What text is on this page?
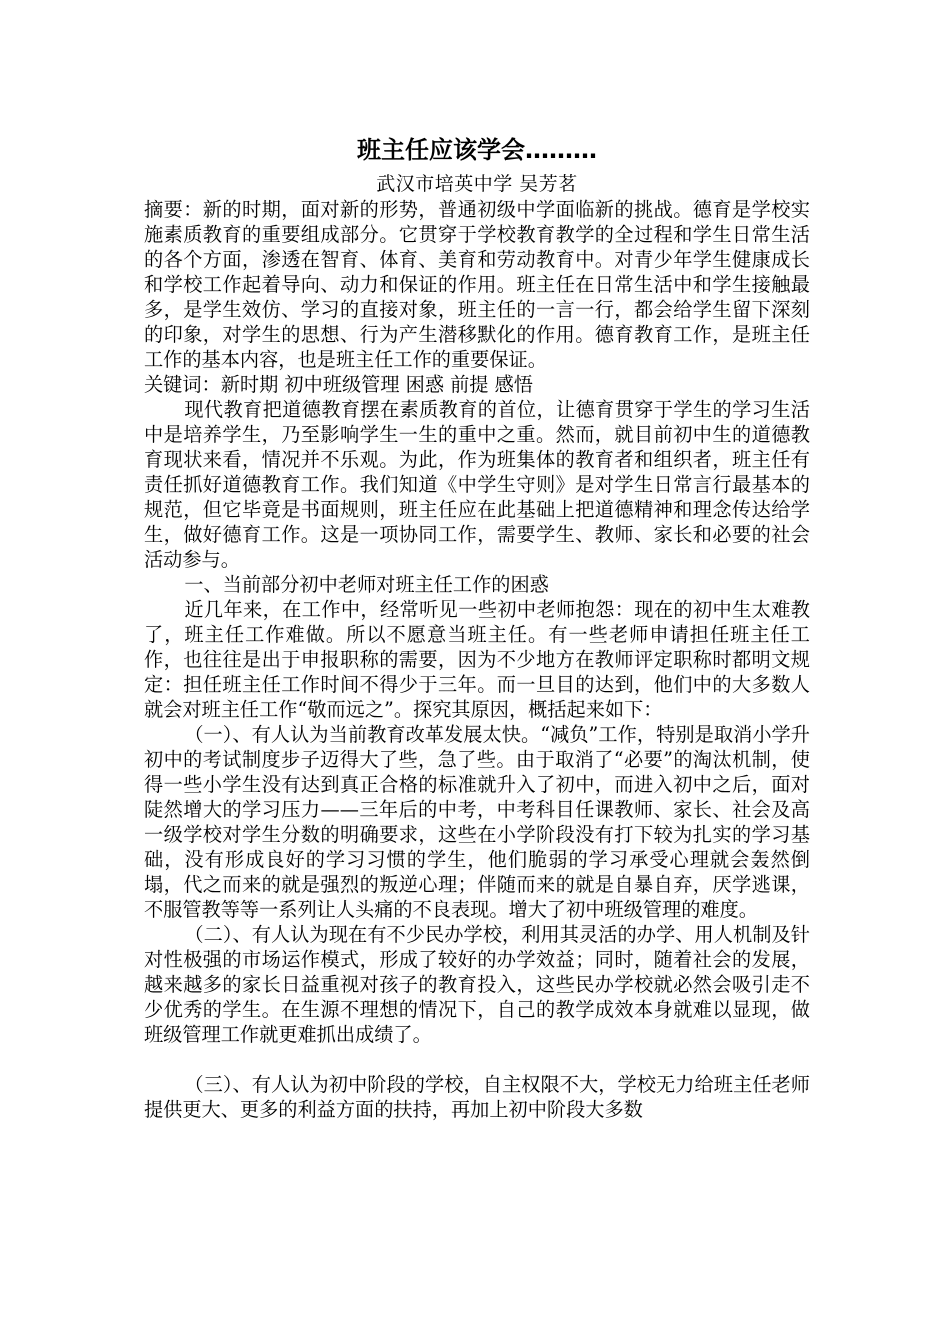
班主任应该学会………
武汉市培英中学 吴芳茗

摘要：新的时期，面对新的形势，普通初级中学面临新的挑战。德育是学校实施素质教育的重要组成部分。它贯穿于学校教育教学的全过程和学生日常生活的各个方面，渗透在智育、体育、美育和劳动教育中。对青少年学生健康成长和学校工作起着导向、动力和保证的作用。班主任在日常生活中和学生接触最多，是学生效仿、学习的直接对象，班主任的一言一行，都会给学生留下深刻的印象，对学生的思想、行为产生潜移默化的作用。德育教育工作，是班主任工作的基本内容，也是班主任工作的重要保证。

关键词：新时期 初中班级管理 困惑 前提 感悟

现代教育把道德教育摆在素质教育的首位，让德育贯穿于学生的学习生活中是培养学生，乃至影响学生一生的重中之重。然而，就目前初中生的道德教育现状来看，情况并不乐观。为此，作为班集体的教育者和组织者，班主任有责任抓好道德教育工作。我们知道《中学生守则》是对学生日常言行最基本的规范，但它毕竟是书面规则，班主任应在此基础上把道德精神和理念传达给学生，做好德育工作。这是一项协同工作，需要学生、教师、家长和必要的社会活动参与。

一、当前部分初中老师对班主任工作的困惑

近几年来，在工作中，经常听见一些初中老师抱怨：现在的初中生太难教了，班主任工作难做。所以不愿意当班主任。有一些老师申请担任班主任工作，也往往是出于申报职称的需要，因为不少地方在教师评定职称时都明文规定：担任班主任工作时间不得少于三年。而一旦目的达到，他们中的大多数人就会对班主任工作“敬而远之”。探究其原因，概括起来如下：

（一）、有人认为当前教育改革发展太快。“减负”工作，特别是取消小学升初中的考试制度步子迈得大了些，急了些。由于取消了“必要”的淘汰机制，使得一些小学生没有达到真正合格的标准就升入了初中，而进入初中之后，面对陡然增大的学习压力——三年后的中考，中考科目任课教师、家长、社会及高一级学校对学生分数的明确要求，这些在小学阶段没有打下较为扎实的学习基础，没有形成良好的学习习惯的学生，他们脆弱的学习承受心理就会轰然倒塌，代之而来的就是强烈的叛逆心理；伴随而来的就是自暴自弃，厌学逃课，不服管教等等一系列让人头痛的不良表现。增大了初中班级管理的难度。

（二）、有人认为现在有不少民办学校，利用其灵活的办学、用人机制及针对性极强的市场运作模式，形成了较好的办学效益；同时，随着社会的发展，越来越多的家长日益重视对孩子的教育投入，这些民办学校就必然会吸引走不少优秀的学生。在生源不理想的情况下，自己的教学成效本身就难以显现，做班级管理工作就更难抓出成绩了。

（三）、有人认为初中阶段的学校，自主权限不大，学校无力给班主任老师提供更大、更多的利益方面的扶持，再加上初中阶段大多数
